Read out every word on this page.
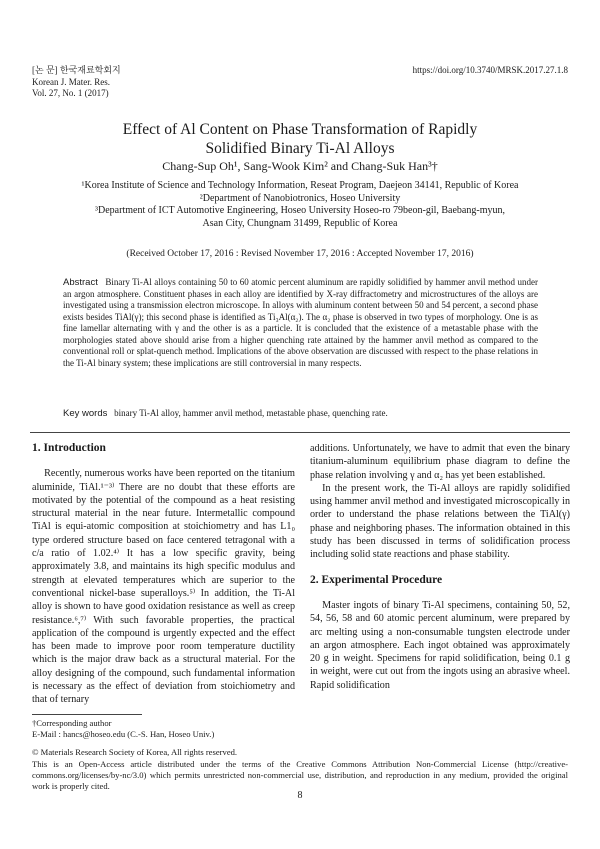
[논 문] 한국재료학회지
Korean J. Mater. Res.
Vol. 27, No. 1 (2017)
https://doi.org/10.3740/MRSK.2017.27.1.8
Effect of Al Content on Phase Transformation of Rapidly
Solidified Binary Ti-Al Alloys
Chang-Sup Oh¹, Sang-Wook Kim² and Chang-Suk Han³†
¹Korea Institute of Science and Technology Information, Reseat Program, Daejeon 34141, Republic of Korea
²Department of Nanobiotronics, Hoseo University
³Department of ICT Automotive Engineering, Hoseo University Hoseo-ro 79beon-gil, Baebang-myun,
Asan City, Chungnam 31499, Republic of Korea
(Received October 17, 2016 : Revised November 17, 2016 : Accepted November 17, 2016)
Abstract Binary Ti-Al alloys containing 50 to 60 atomic percent aluminum are rapidly solidified by hammer anvil method under an argon atmosphere. Constituent phases in each alloy are identified by X-ray diffractometry and microstructures of the alloys are investigated using a transmission electron microscope. In alloys with aluminum content between 50 and 54 percent, a second phase exists besides TiAl(γ); this second phase is identified as Ti₃Al(α₂). The α₂ phase is observed in two types of morphology. One is as fine lamellar alternating with γ and the other is as a particle. It is concluded that the existence of a metastable phase with the morphologies stated above should arise from a higher quenching rate attained by the hammer anvil method as compared to the conventional roll or splat-quench method. Implications of the above observation are discussed with respect to the phase relations in the Ti-Al binary system; these implications are still controversial in many respects.
Key words binary Ti-Al alloy, hammer anvil method, metastable phase, quenching rate.
1. Introduction

Recently, numerous works have been reported on the titanium aluminide, TiAl.¹⁻³⁾ There are no doubt that these efforts are motivated by the potential of the compound as a heat resisting structural material in the near future. Intermetallic compound TiAl is equi-atomic composition at stoichiometry and has L1₀ type ordered structure based on face centered tetragonal with a c/a ratio of 1.02.⁴⁾ It has a low specific gravity, being approximately 3.8, and maintains its high specific modulus and strength at elevated temperatures which are superior to the conventional nickel-base superalloys.⁵⁾ In addition, the Ti-Al alloy is shown to have good oxidation resistance as well as creep resistance.⁶,⁷⁾ With such favorable properties, the practical application of the compound is urgently expected and the effect has been made to improve poor room temperature ductility which is the major draw back as a structural material. For the alloy designing of the compound, such fundamental information is necessary as the effect of deviation from stoichiometry and that of ternary

additions. Unfortunately, we have to admit that even the binary titanium-aluminum equilibrium phase diagram to define the phase relation involving γ and α₂ has yet been established.

In the present work, the Ti-Al alloys are rapidly solidified using hammer anvil method and investigated microscopically in order to understand the phase relations between the TiAl(γ) phase and neighboring phases. The information obtained in this study has been discussed in terms of solidification process including solid state reactions and phase stability.

2. Experimental Procedure

Master ingots of binary Ti-Al specimens, containing 50, 52, 54, 56, 58 and 60 atomic percent aluminum, were prepared by arc melting using a non-consumable tungsten electrode under an argon atmosphere. Each ingot obtained was approximately 20 g in weight. Specimens for rapid solidification, being 0.1 g in weight, were cut out from the ingots using an abrasive wheel. Rapid solidification

†Corresponding author
E-Mail : hancs@hoseo.edu (C.-S. Han, Hoseo Univ.)
© Materials Research Society of Korea, All rights reserved.
This is an Open-Access article distributed under the terms of the Creative Commons Attribution Non-Commercial License (http://creative-commons.org/licenses/by-nc/3.0) which permits unrestricted non-commercial use, distribution, and reproduction in any medium, provided the original work is properly cited.
8
